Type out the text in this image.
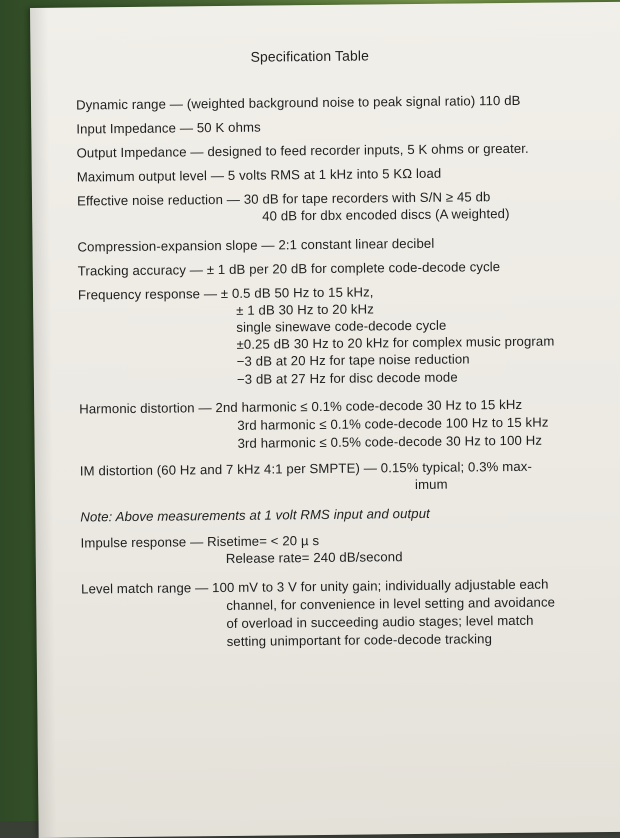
Specification Table
Dynamic range — (weighted background noise to peak signal ratio) 110 dB
Input Impedance — 50 K ohms
Output Impedance — designed to feed recorder inputs, 5 K ohms or greater.
Maximum output level — 5 volts RMS at 1 kHz into 5 KΩ load
Effective noise reduction — 30 dB for tape recorders with S/N ≥ 45 db
40 dB for dbx encoded discs (A weighted)
Compression-expansion slope — 2:1 constant linear decibel
Tracking accuracy — ± 1 dB per 20 dB for complete code-decode cycle
Frequency response — ± 0.5 dB 50 Hz to 15 kHz,
± 1 dB 30 Hz to 20 kHz
single sinewave code-decode cycle
±0.25 dB 30 Hz to 20 kHz for complex music program
−3 dB at 20 Hz for tape noise reduction
−3 dB at 27 Hz for disc decode mode
Harmonic distortion — 2nd harmonic ≤ 0.1% code-decode 30 Hz to 15 kHz
3rd harmonic ≤ 0.1% code-decode 100 Hz to 15 kHz
3rd harmonic ≤ 0.5% code-decode 30 Hz to 100 Hz
IM distortion (60 Hz and 7 kHz 4:1 per SMPTE) — 0.15% typical; 0.3% max-
imum
Note: Above measurements at 1 volt RMS input and output
Impulse response — Risetime= < 20 µ s
Release rate= 240 dB/second
Level match range — 100 mV to 3 V for unity gain; individually adjustable each
channel, for convenience in level setting and avoidance
of overload in succeeding audio stages; level match
setting unimportant for code-decode tracking
